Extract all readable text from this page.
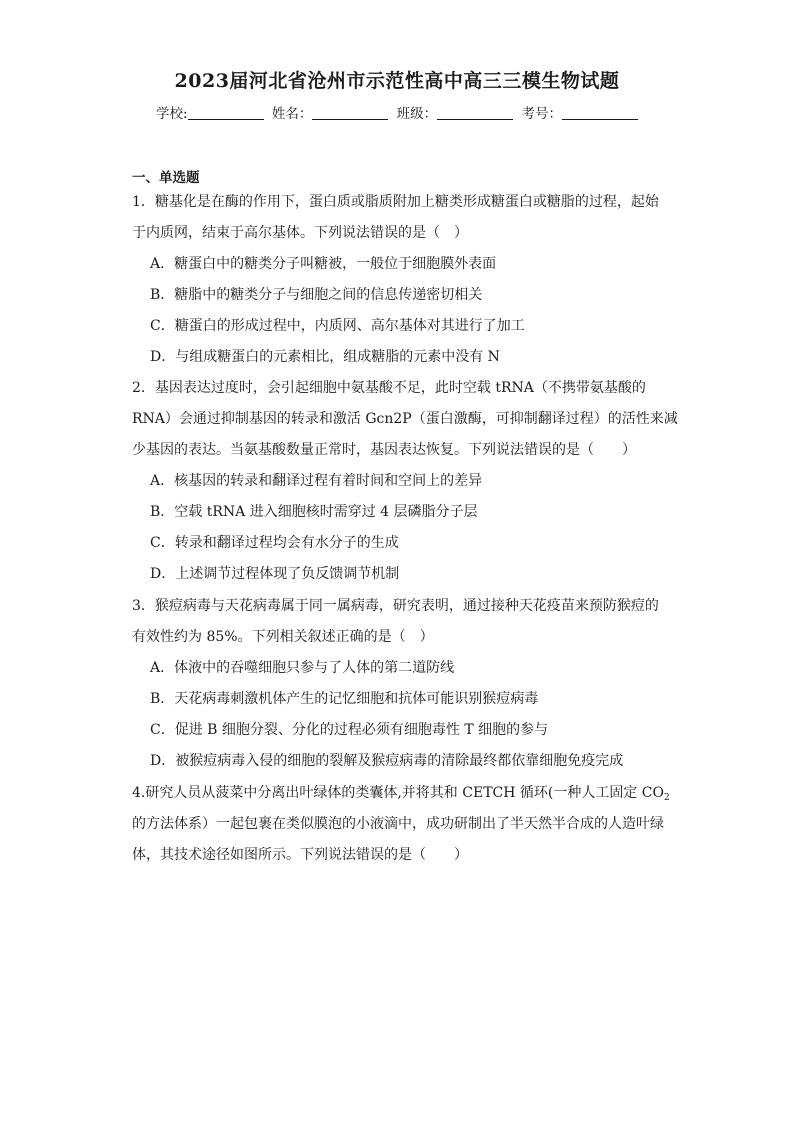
2023届河北省沧州市示范性高中高三三模生物试题
学校:	姓名：	班级：	考号：
一、单选题
1．糖基化是在酶的作用下，蛋白质或脂质附加上糖类形成糖蛋白或糖脂的过程，起始
于内质网，结束于高尔基体。下列说法错误的是（　）
A．糖蛋白中的糖类分子叫糖被，一般位于细胞膜外表面
B．糖脂中的糖类分子与细胞之间的信息传递密切相关
C．糖蛋白的形成过程中，内质网、高尔基体对其进行了加工
D．与组成糖蛋白的元素相比，组成糖脂的元素中没有 N
2．基因表达过度时，会引起细胞中氨基酸不足，此时空载 tRNA（不携带氨基酸的
RNA）会通过抑制基因的转录和激活 Gcn2P（蛋白激酶，可抑制翻译过程）的活性来减
少基因的表达。当氨基酸数量正常时，基因表达恢复。下列说法错误的是（　　）
A．核基因的转录和翻译过程有着时间和空间上的差异
B．空载 tRNA 进入细胞核时需穿过 4 层磷脂分子层
C．转录和翻译过程均会有水分子的生成
D．上述调节过程体现了负反馈调节机制
3．猴痘病毒与天花病毒属于同一属病毒，研究表明，通过接种天花疫苗来预防猴痘的
有效性约为 85%。下列相关叙述正确的是（　）
A．体液中的吞噬细胞只参与了人体的第二道防线
B．天花病毒刺激机体产生的记忆细胞和抗体可能识别猴痘病毒
C．促进 B 细胞分裂、分化的过程必须有细胞毒性 T 细胞的参与
D．被猴痘病毒入侵的细胞的裂解及猴痘病毒的清除最终都依靠细胞免疫完成
4.研究人员从菠菜中分离出叶绿体的类囊体,并将其和 CETCH 循环(一种人工固定 $CO_2$
的方法体系）一起包裹在类似膜泡的小液滴中，成功研制出了半天然半合成的人造叶绿
体，其技术途径如图所示。下列说法错误的是（　　）
